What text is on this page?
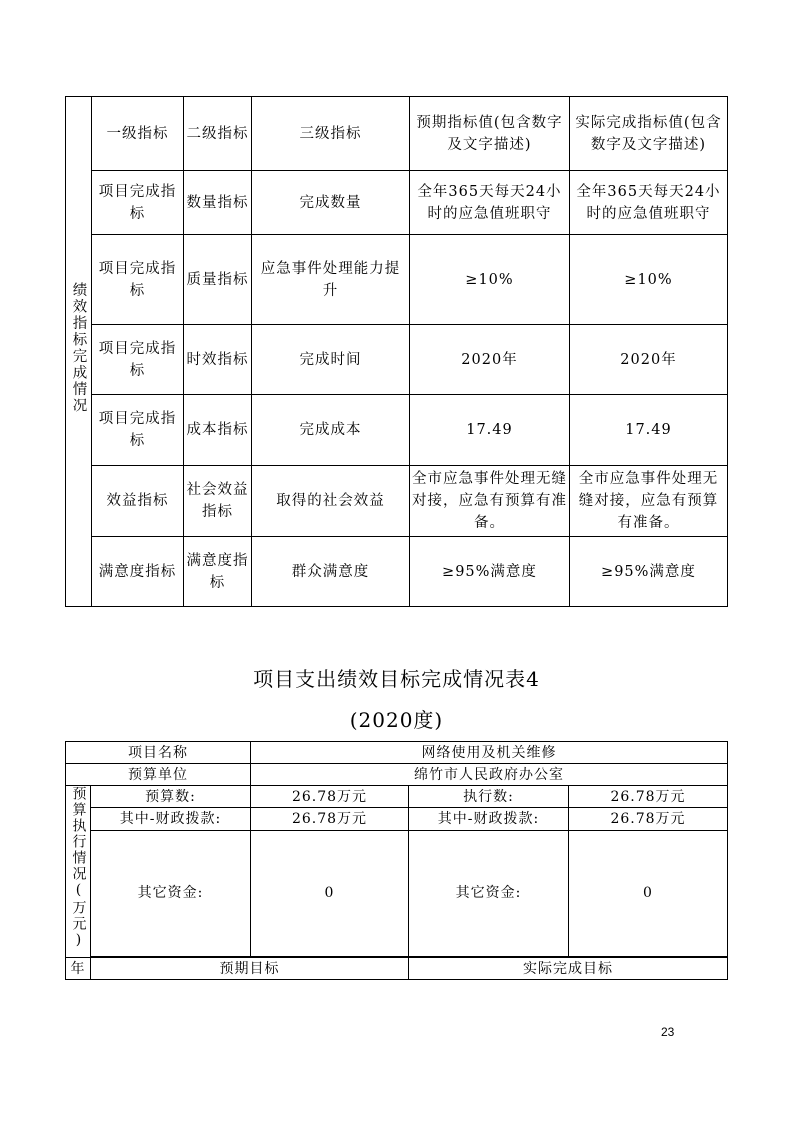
绩效指标完成情况	一级指标	二级指标	三级指标	预期指标值(包含数字及文字描述)	实际完成指标值(包含数字及文字描述)
	项目完成指标	数量指标	完成数量	全年365天每天24小时的应急值班职守	全年365天每天24小时的应急值班职守
	项目完成指标	质量指标	应急事件处理能力提升	≥10%	≥10%
	项目完成指标	时效指标	完成时间	2020年	2020年
	项目完成指标	成本指标	完成成本	17.49	17.49
	效益指标	社会效益指标	取得的社会效益	全市应急事件处理无缝对接，应急有预算有准备。	全市应急事件处理无缝对接，应急有预算有准备。
	满意度指标	满意度指标	群众满意度	≥95%满意度	≥95%满意度
项目支出绩效目标完成情况表4
(2020度)
项目名称		网络使用及机关维修		
预算单位		绵竹市人民政府办公室		
预算执行情况(万元)	预算数:	26.78万元	执行数:	26.78万元
	其中-财政拨款:	26.78万元	其中-财政拨款:	26.78万元
	其它资金:	0	其它资金:	0

年	预期目标		实际完成目标	
23
